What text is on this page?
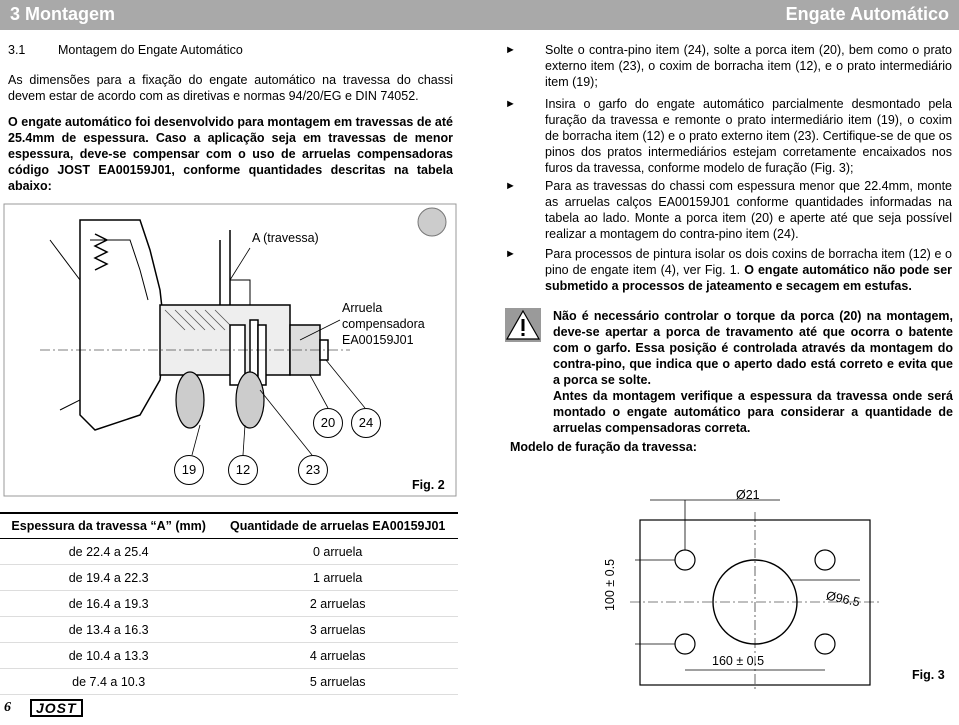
3 Montagem	Engate Automático
3.1	Montagem do Engate Automático
As dimensões para a fixação do engate automático na travessa do chassi devem estar de acordo com as diretivas e normas 94/20/EG e DIN 74052.
O engate automático foi desenvolvido para montagem em travessas de até 25.4mm de espessura. Caso a aplicação seja em travessas de menor espessura, deve-se compensar com o uso de arruelas compensadoras código JOST EA00159J01, conforme quantidades descritas na tabela abaixo:
A (travessa)
Arruela compensadora EA00159J01
20	24
19	12	23
Fig. 2
Espessura da travessa “A” (mm)	Quantidade de arruelas EA00159J01
de 22.4 a 25.4	0 arruela
de 19.4 a 22.3	1 arruela
de 16.4 a 19.3	2 arruelas
de 13.4 a 16.3	3 arruelas
de 10.4 a 13.3	4 arruelas
de 7.4 a 10.3	5 arruelas
6	JOST
► Solte o contra-pino item (24), solte a porca item (20), bem como o prato externo item (23), o coxim de borracha item (12), e o prato intermediário item (19);
► Insira o garfo do engate automático parcialmente desmontado pela furação da travessa e remonte o prato intermediário item (19), o coxim de borracha item (12) e o prato externo item (23). Certifique-se de que os pinos dos pratos intermediários estejam corretamente encaixados nos furos da travessa, conforme modelo de furação (Fig. 3);
► Para as travessas do chassi com espessura menor que 22.4mm, monte as arruelas calços EA00159J01 conforme quantidades informadas na tabela ao lado. Monte a porca item (20) e aperte até que seja possível realizar a montagem do contra-pino item (24).
► Para processos de pintura isolar os dois coxins de borracha item (12) e o pino de engate item (4), ver Fig. 1. O engate automático não pode ser submetido a processos de jateamento e secagem em estufas.
Não é necessário controlar o torque da porca (20) na montagem, deve-se apertar a porca de travamento até que ocorra o batente com o garfo. Essa posição é controlada através da montagem do contra-pino, que indica que o aperto dado está correto e evita que a porca se solte.
Antes da montagem verifique a espessura da travessa onde será montado o engate automático para considerar a quantidade de arruelas compensadoras correta.
Modelo de furação da travessa:
Ø21
Ø96.5
100 ± 0.5
160 ± 0.5
Fig. 3
